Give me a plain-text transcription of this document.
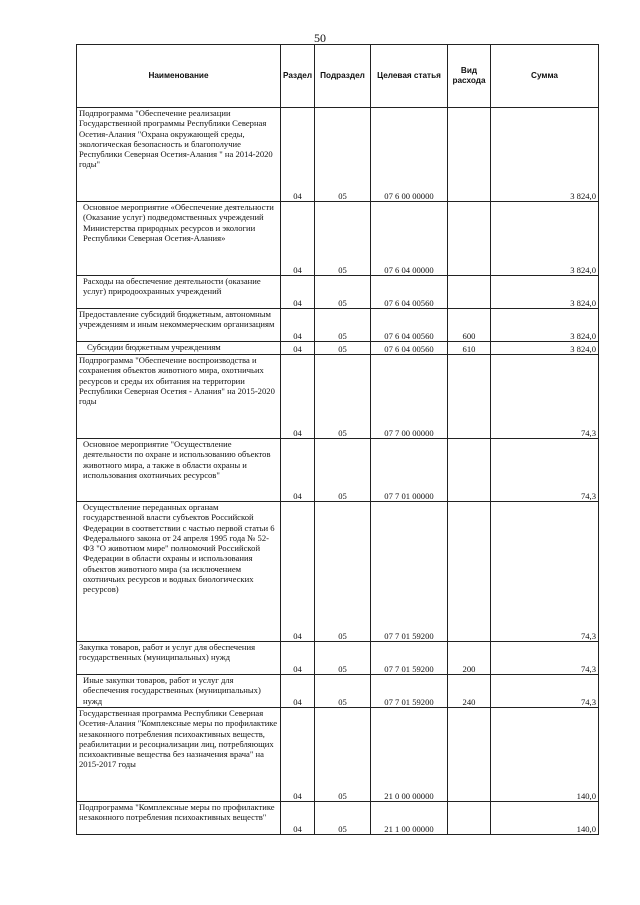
50
Наименование	Раздел	Подраздел	Целевая статья	Вид расхода	Сумма
Подпрограмма "Обеспечение реализации Государственной программы Республики Северная Осетия-Алания "Охрана окружающей среды, экологическая безопасность и благополучие Республики Северная Осетия-Алания " на 2014-2020 годы"	04	05	07 6 00 00000		3 824,0
Основное мероприятие «Обеспечение деятельности (Оказание услуг) подведомственных учреждений Министерства природных ресурсов и экологии Республики Северная Осетия-Алания»	04	05	07 6 04 00000		3 824,0
Расходы на обеспечение деятельности (оказание услуг) природоохранных учреждений	04	05	07 6 04 00560		3 824,0
Предоставление субсидий бюджетным, автономным учреждениям и иным некоммерческим организациям	04	05	07 6 04 00560	600	3 824,0
Субсидии бюджетным учреждениям	04	05	07 6 04 00560	610	3 824,0
Подпрограмма "Обеспечение воспроизводства и сохранения объектов животного мира, охотничьих ресурсов и среды их обитания на территории Республики Северная Осетия - Алания" на 2015-2020 годы	04	05	07 7 00 00000		74,3
Основное мероприятие "Осуществление деятельности по охране и использованию объектов животного мира, а также в области охраны и использования охотничьих ресурсов"	04	05	07 7 01 00000		74,3
Осуществление переданных органам государственной власти субъектов Российской Федерации в соответствии с частью первой статьи 6 Федерального закона от 24 апреля 1995 года № 52-ФЗ "О животном мире" полномочий Российской Федерации в области охраны и использования объектов животного мира (за исключением охотничьих ресурсов и водных биологических ресурсов)	04	05	07 7 01 59200		74,3
Закупка товаров, работ и услуг для обеспечения государственных (муниципальных) нужд	04	05	07 7 01 59200	200	74,3
Иные закупки товаров, работ и услуг для обеспечения государственных (муниципальных) нужд	04	05	07 7 01 59200	240	74,3
Государственная программа Республики Северная Осетия-Алания "Комплексные меры по профилактике незаконного потребления психоактивных веществ, реабилитации и ресоциализации лиц, потребляющих психоактивные вещества без назначения врача" на 2015-2017 годы	04	05	21 0 00 00000		140,0
Подпрограмма "Комплексные меры по профилактике незаконного потребления психоактивных веществ"	04	05	21 1 00 00000		140,0
